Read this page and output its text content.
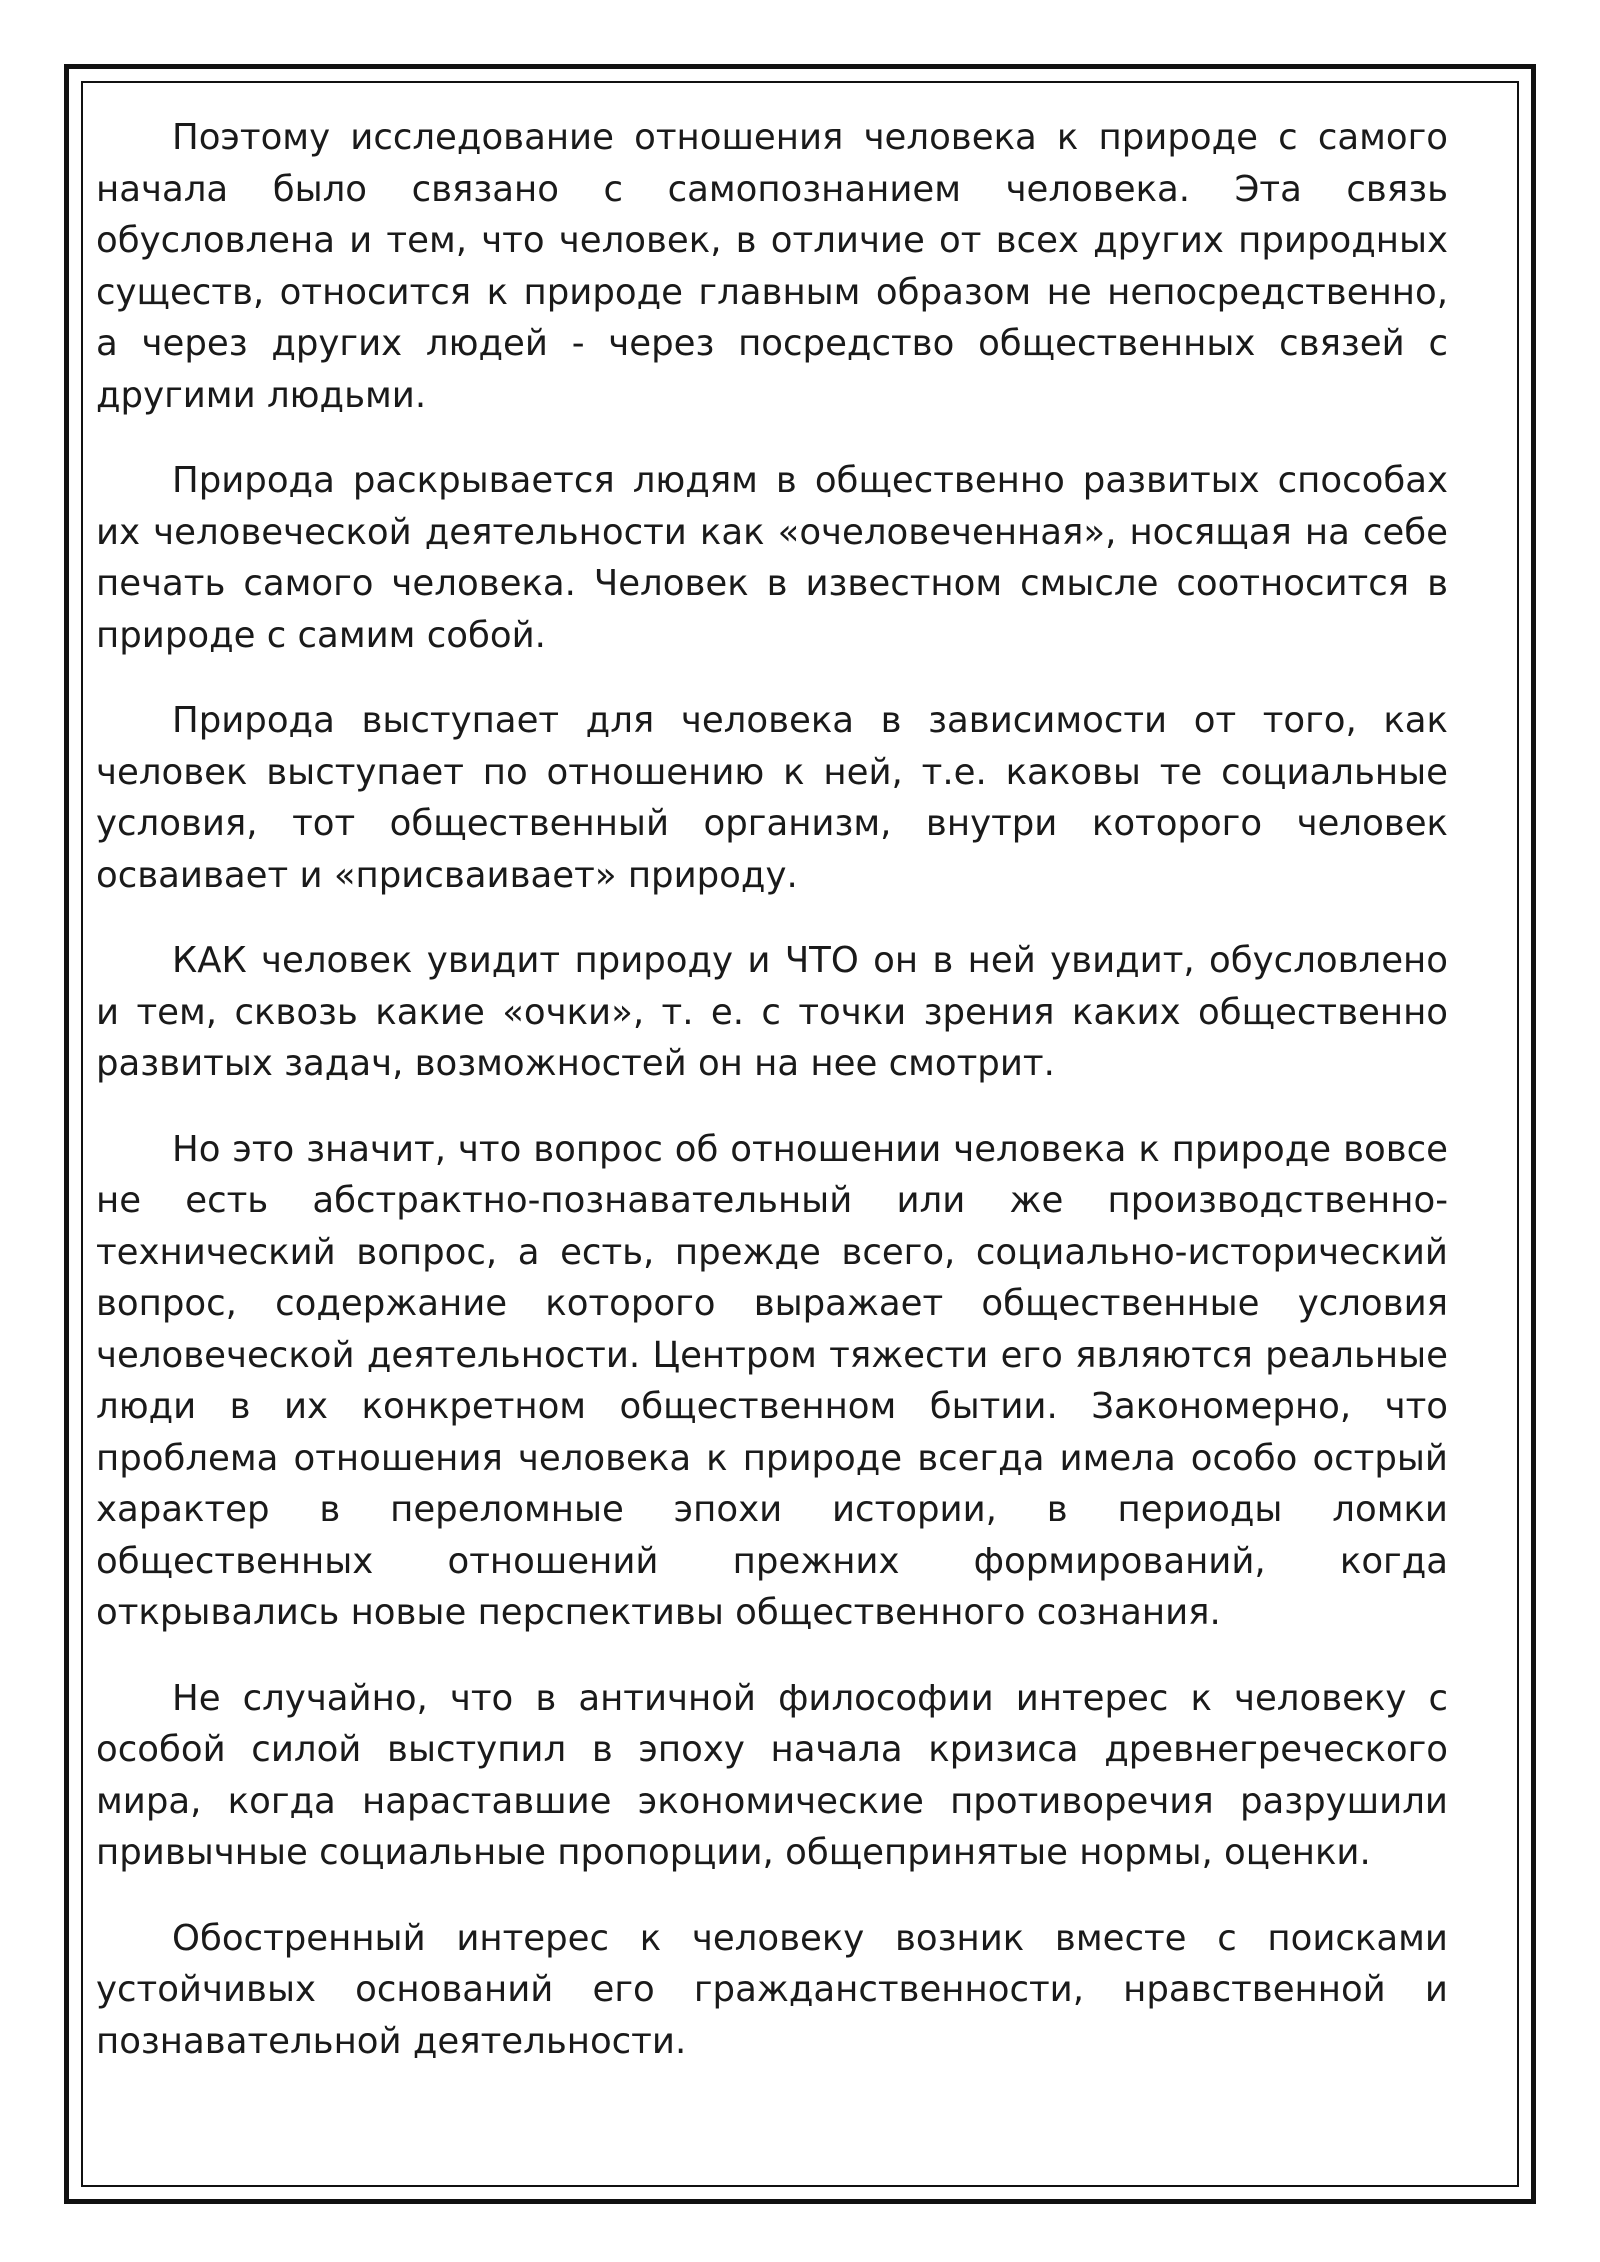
Поэтому исследование отношения человека к природе с самого начала было связано с самопознанием человека. Эта связь обусловлена и тем, что человек, в отличие от всех других природных существ, относится к природе главным образом не непосредственно, а через других людей - через посредство общественных связей с другими людьми.

Природа раскрывается людям в общественно развитых способах их человеческой деятельности как «очеловеченная», носящая на себе печать самого человека. Человек в известном смысле соотносится в природе с самим собой.

Природа выступает для человека в зависимости от того, как человек выступает по отношению к ней, т.е. каковы те социальные условия, тот общественный организм, внутри которого человек осваивает и «присваивает» природу.

КАК человек увидит природу и ЧТО он в ней увидит, обусловлено и тем, сквозь какие «очки», т. е. с точки зрения каких общественно развитых задач, возможностей он на нее смотрит.

Но это значит, что вопрос об отношении человека к природе вовсе не есть абстрактно-познавательный или же производственно-технический вопрос, а есть, прежде всего, социально-исторический вопрос, содержание которого выражает общественные условия человеческой деятельности. Центром тяжести его являются реальные люди в их конкретном общественном бытии. Закономерно, что проблема отношения человека к природе всегда имела особо острый характер в переломные эпохи истории, в периоды ломки общественных отношений прежних формирований, когда открывались новые перспективы общественного сознания.

Не случайно, что в античной философии интерес к человеку с особой силой выступил в эпоху начала кризиса древнегреческого мира, когда нараставшие экономические противоречия разрушили привычные социальные пропорции, общепринятые нормы, оценки.

Обостренный интерес к человеку возник вместе с поисками устойчивых оснований его гражданственности, нравственной и познавательной деятельности.
